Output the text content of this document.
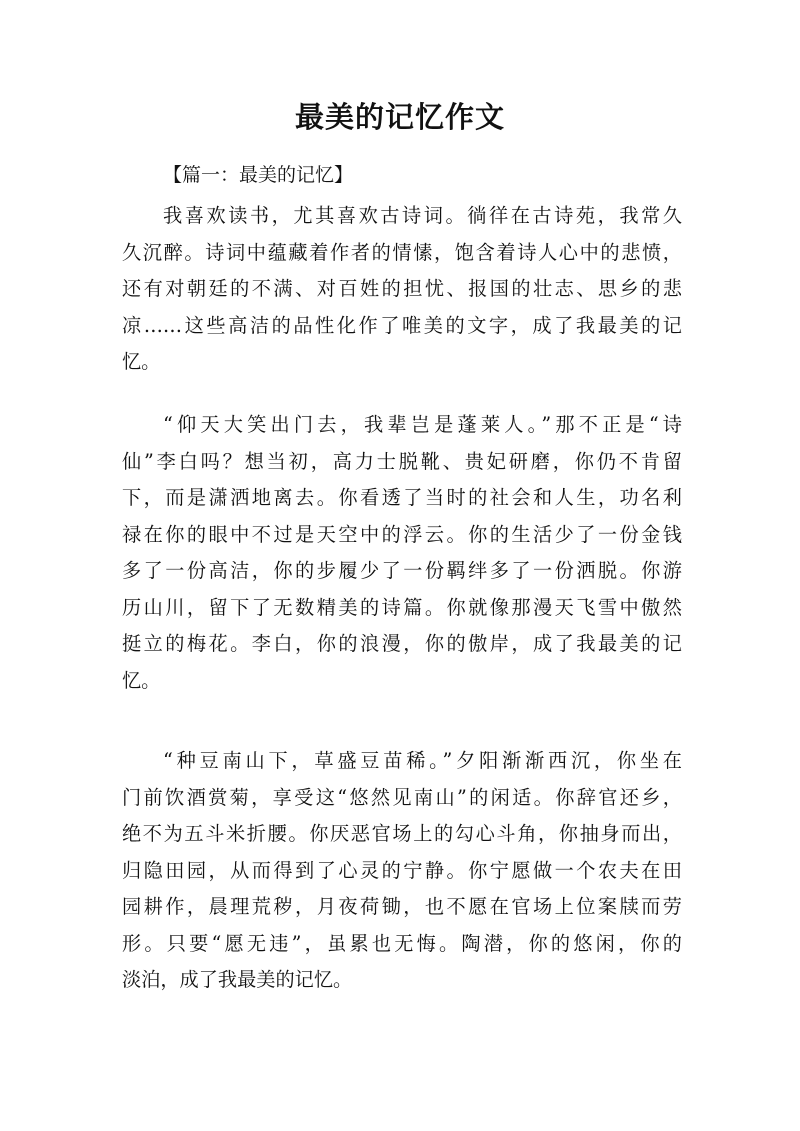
最美的记忆作文
【篇一：最美的记忆】
我喜欢读书，尤其喜欢古诗词。徜徉在古诗苑，我常久
久沉醉。诗词中蕴藏着作者的情愫，饱含着诗人心中的悲愤，
还有对朝廷的不满、对百姓的担忧、报国的壮志、思乡的悲
凉……这些高洁的品性化作了唯美的文字，成了我最美的记
忆。
“仰天大笑出门去，我辈岂是蓬莱人。”那不正是“诗
仙”李白吗？想当初，高力士脱靴、贵妃研磨，你仍不肯留
下，而是潇洒地离去。你看透了当时的社会和人生，功名利
禄在你的眼中不过是天空中的浮云。你的生活少了一份金钱
多了一份高洁，你的步履少了一份羁绊多了一份洒脱。你游
历山川，留下了无数精美的诗篇。你就像那漫天飞雪中傲然
挺立的梅花。李白，你的浪漫，你的傲岸，成了我最美的记
忆。
“种豆南山下，草盛豆苗稀。”夕阳渐渐西沉，你坐在
门前饮酒赏菊，享受这“悠然见南山”的闲适。你辞官还乡，
绝不为五斗米折腰。你厌恶官场上的勾心斗角，你抽身而出，
归隐田园，从而得到了心灵的宁静。你宁愿做一个农夫在田
园耕作，晨理荒秽，月夜荷锄，也不愿在官场上位案牍而劳
形。只要“愿无违”，虽累也无悔。陶潜，你的悠闲，你的
淡泊，成了我最美的记忆。
